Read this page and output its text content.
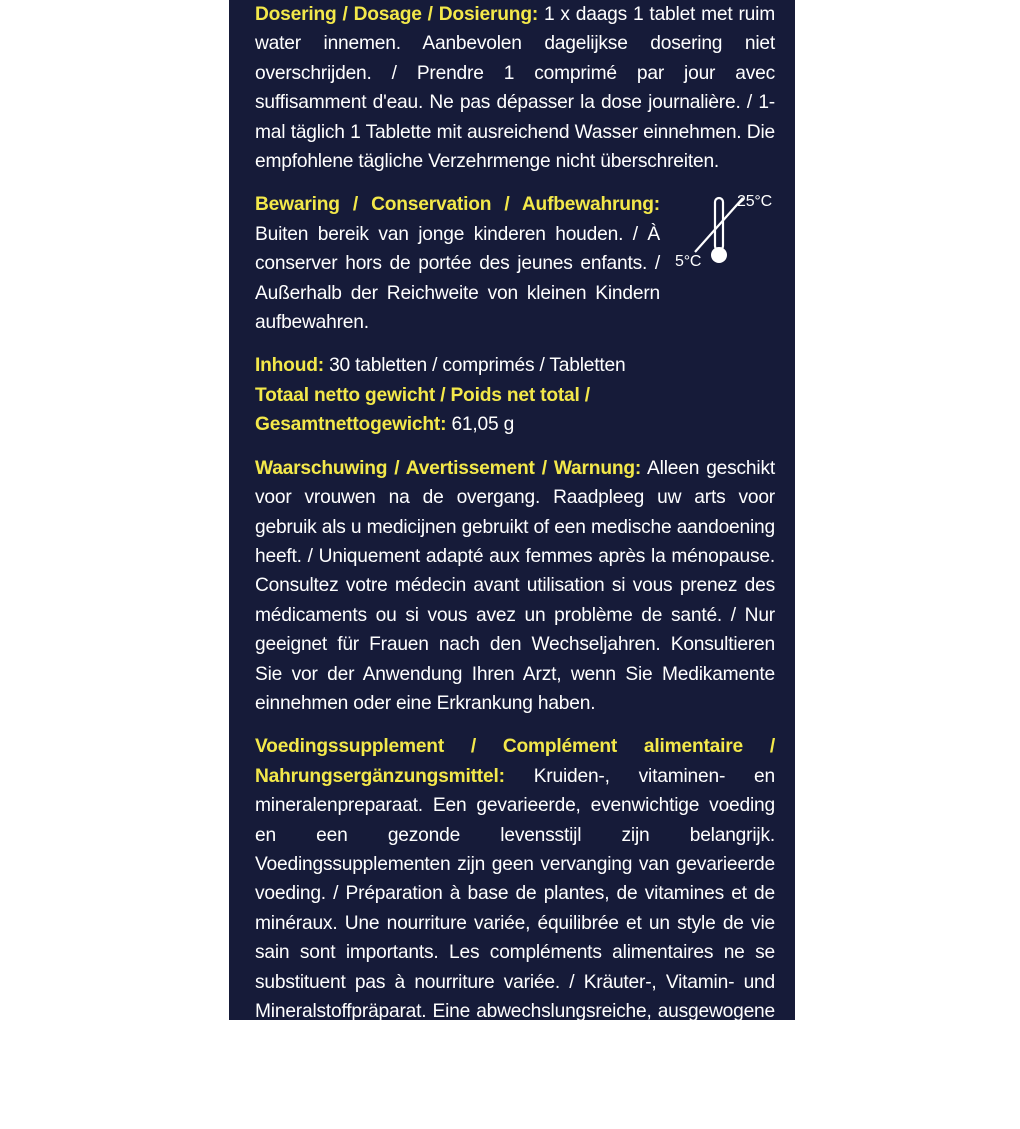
Dosering / Dosage / Dosierung: 1 x daags 1 tablet met ruim water innemen. Aanbevolen dagelijkse dosering niet overschrijden. / Prendre 1 comprimé par jour avec suffisamment d'eau. Ne pas dépasser la dose journalière. / 1-mal täglich 1 Tablette mit ausreichend Wasser einnehmen. Die empfohlene tägliche Verzehrmenge nicht überschreiten.

Bewaring / Conservation / Aufbewahrung: Buiten bereik van jonge kinderen houden. / À conserver hors de portée des jeunes enfants. / Außerhalb der Reichweite von kleinen Kindern aufbewahren.
25°C
5°C

Inhoud: 30 tabletten / comprimés / Tabletten

Totaal netto gewicht / Poids net total /

Gesamtnettogewicht: 61,05 g

Waarschuwing / Avertissement / Warnung: Alleen geschikt voor vrouwen na de overgang. Raadpleeg uw arts voor gebruik als u medicijnen gebruikt of een medische aandoening heeft. / Uniquement adapté aux femmes après la ménopause. Consultez votre médecin avant utilisation si vous prenez des médicaments ou si vous avez un problème de santé. / Nur geeignet für Frauen nach den Wechseljahren. Konsultieren Sie vor der Anwendung Ihren Arzt, wenn Sie Medikamente einnehmen oder eine Erkrankung haben.

Voedingssupplement / Complément alimentaire / Nahrungsergänzungsmittel: Kruiden-, vitaminen- en mineralenpreparaat. Een gevarieerde, evenwichtige voeding en een gezonde levensstijl zijn belangrijk. Voedingssupplementen zijn geen vervanging van gevarieerde voeding. / Préparation à base de plantes, de vitamines et de minéraux. Une nourriture variée, équilibrée et un style de vie sain sont importants. Les compléments alimentaires ne se substituent pas à nourriture variée. / Kräuter-, Vitamin- und Mineralstoffpräparat. Eine abwechslungsreiche, ausgewogene Ernährung und eine gesunde Lebensweise sind wichtig. Nahrungsergänzungsmittel sind kein Ersatz für abwechslungsreiche Ernährung.
